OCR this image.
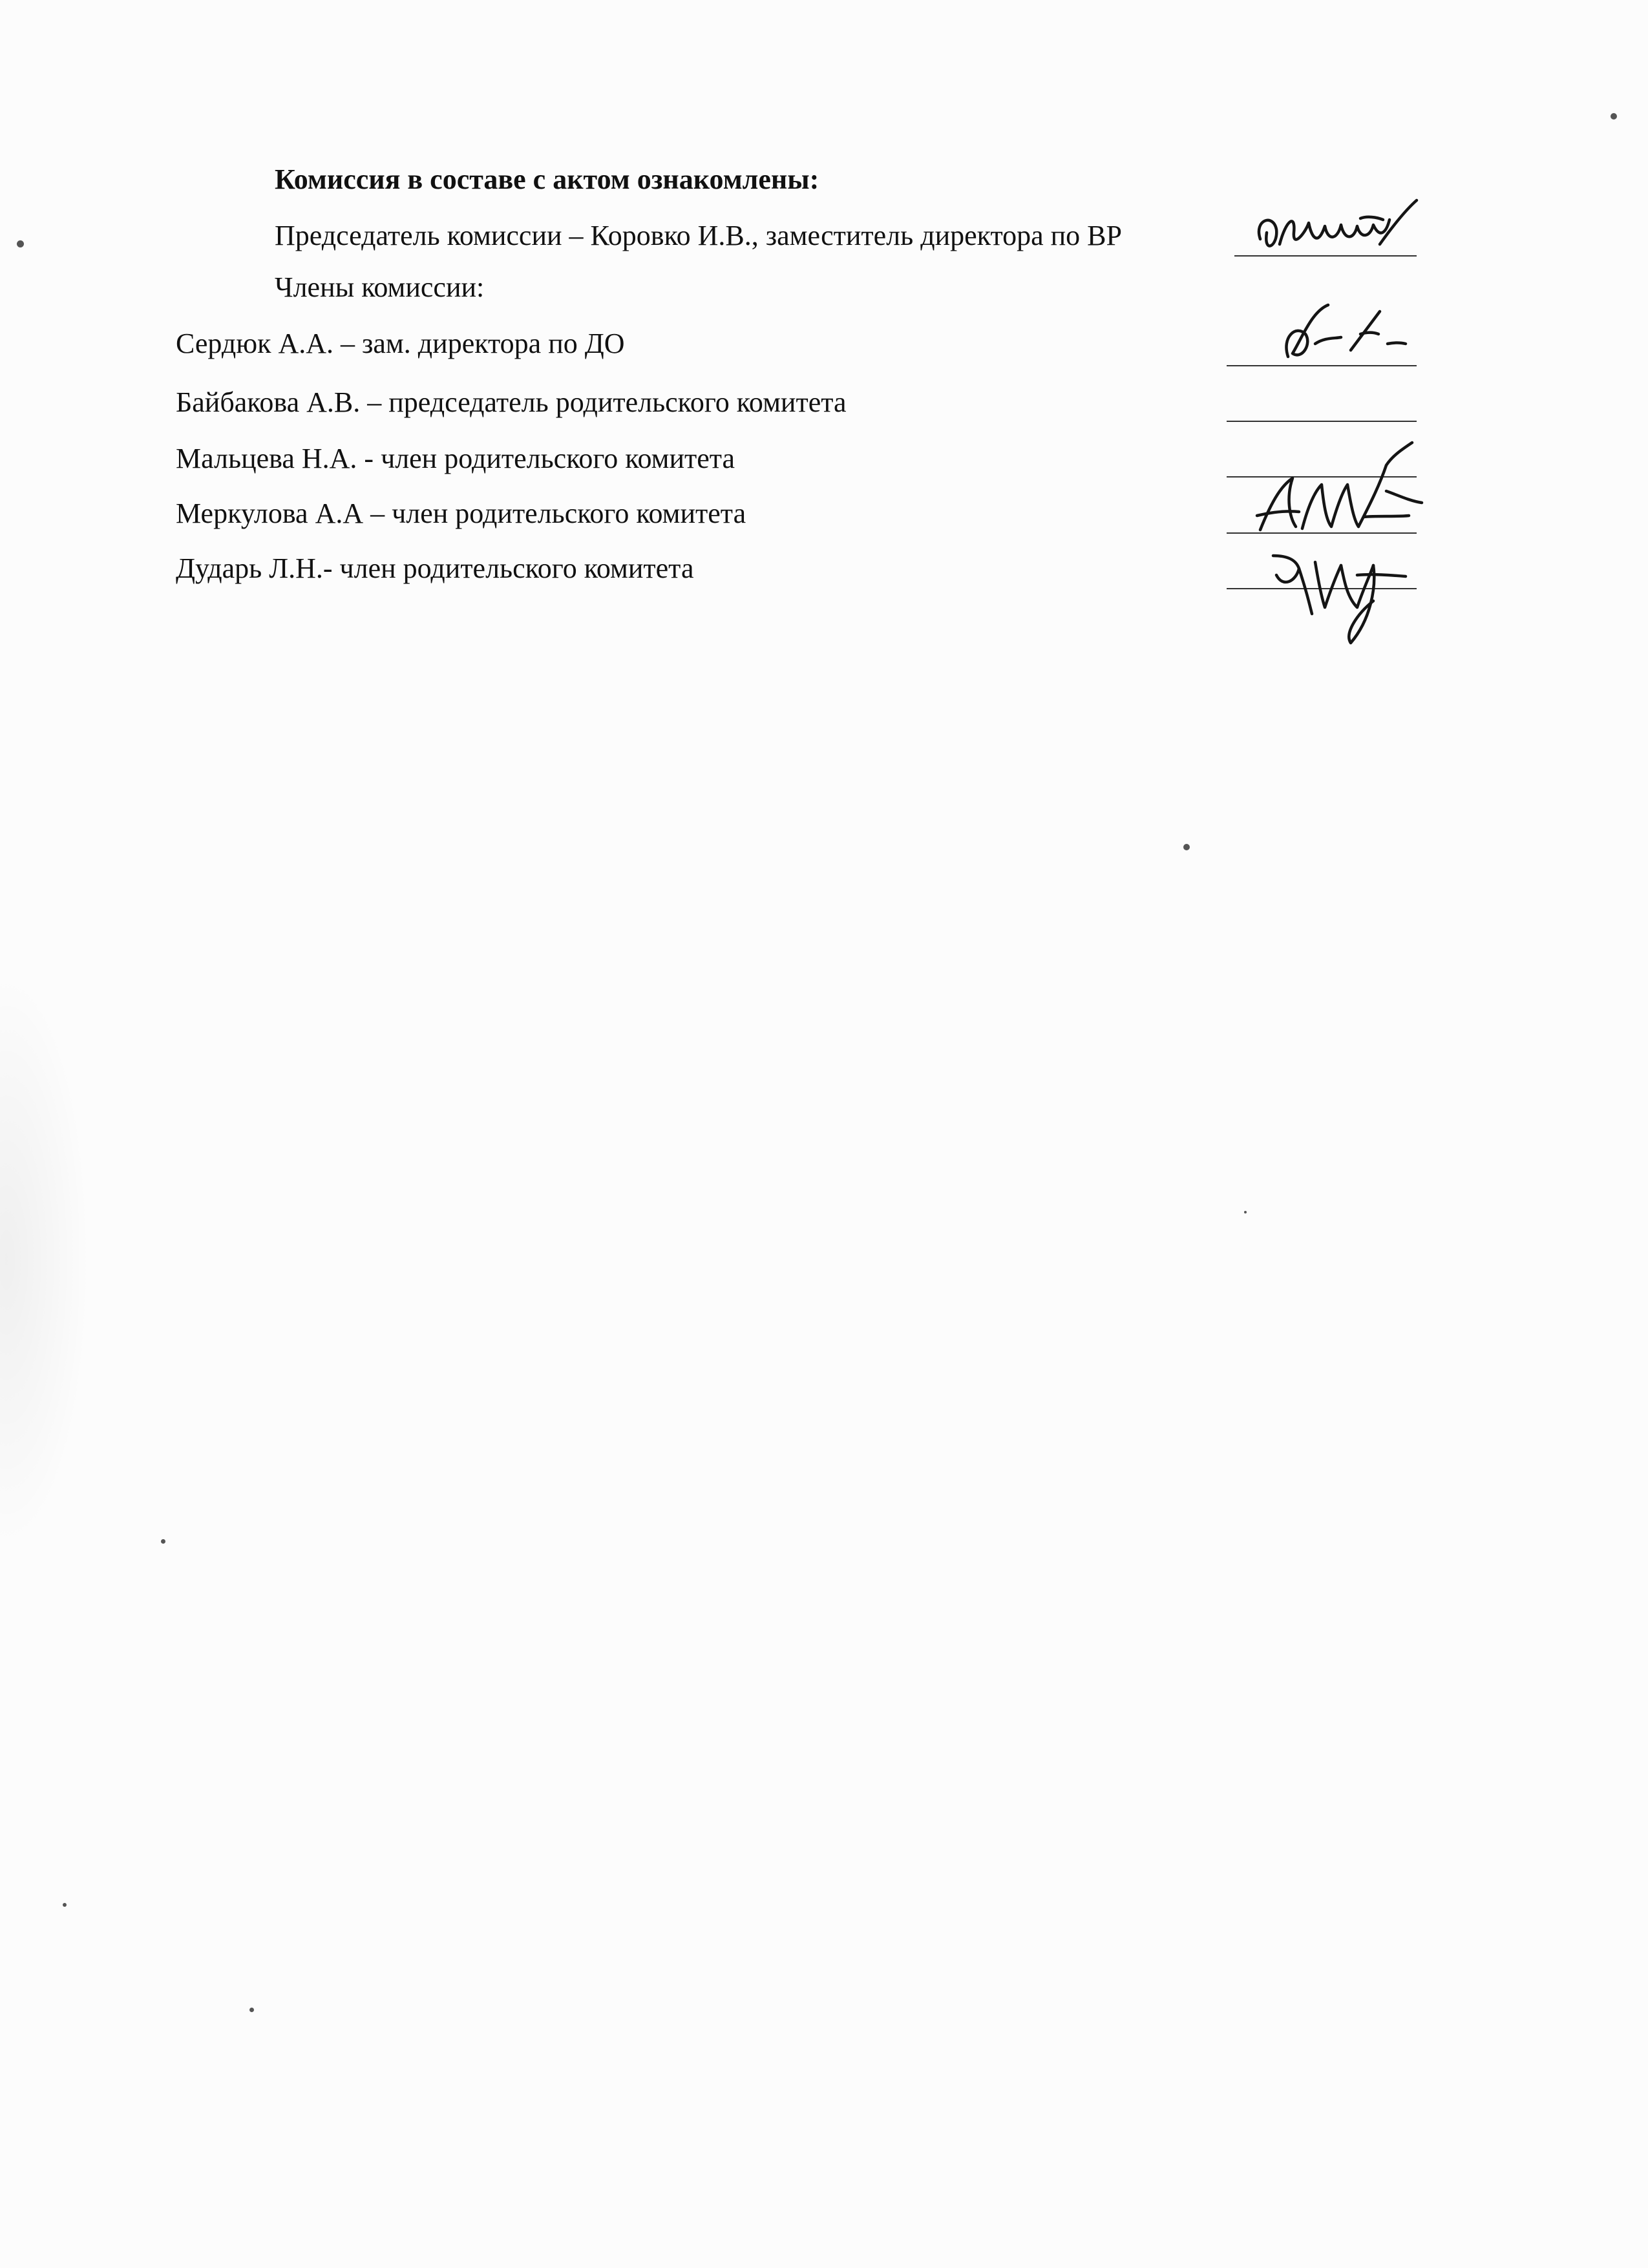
Комиссия в составе с актом ознакомлены:
Председатель комиссии – Коровко И.В., заместитель директора по ВР
Члены комиссии:
Сердюк А.А. – зам. директора по ДО
Байбакова А.В. – председатель родительского комитета
Мальцева Н.А. - член родительского комитета
Меркулова А.А – член родительского комитета
Дударь Л.Н.- член родительского комитета
